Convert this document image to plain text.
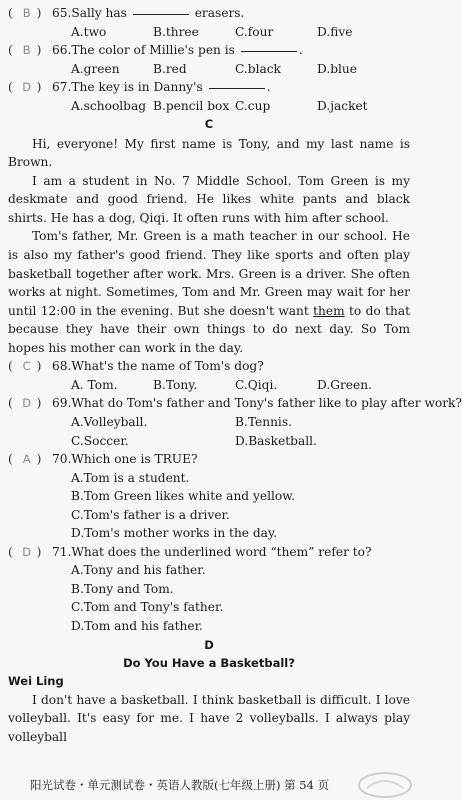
( B ) 65.Sally has	erasers.
A.two	B.three	C.four	D.five
( B ) 66.The color of Millie's pen is	.
A.green	B.red	C.black	D.blue
( D ) 67.The key is in Danny's	.
A.schoolbag B.pencil box C.cup	D.jacket
C

Hi, everyone! My first name is Tony, and my last name is Brown.

I am a student in No. 7 Middle School. Tom Green is my deskmate and good friend. He likes white pants and black shirts. He has a dog, Qiqi. It often runs with him after school.

Tom's father, Mr. Green is a math teacher in our school. He is also my father's good friend. They like sports and often play basketball together after work. Mrs. Green is a driver. She often works at night. Sometimes, Tom and Mr. Green may wait for her until 12:00 in the evening. But she doesn't want them to do that because they have their own things to do next day. So Tom hopes his mother can work in the day.

( C ) 68.What's the name of Tom's dog?
A. Tom.	B.Tony.	C.Qiqi.	D.Green.
( D ) 69.What do Tom's father and Tony's father like to play after work?
A.Volleyball.	B.Tennis.
C.Soccer.	D.Basketball.
( A ) 70.Which one is TRUE?
A.Tom is a student.
B.Tom Green likes white and yellow.
C.Tom's father is a driver.
D.Tom's mother works in the day.
( D ) 71.What does the underlined word “them” refer to?
A.Tony and his father.
B.Tony and Tom.
C.Tom and Tony's father.
D.Tom and his father.
D
Do You Have a Basketball?
Wei Ling

I don't have a basketball. I think basketball is difficult. I love volleyball. It's easy for me. I have 2 volleyballs. I always play volleyball

阳光试卷・单元测试卷・英语人教版(七年级上册) 第 54 页
